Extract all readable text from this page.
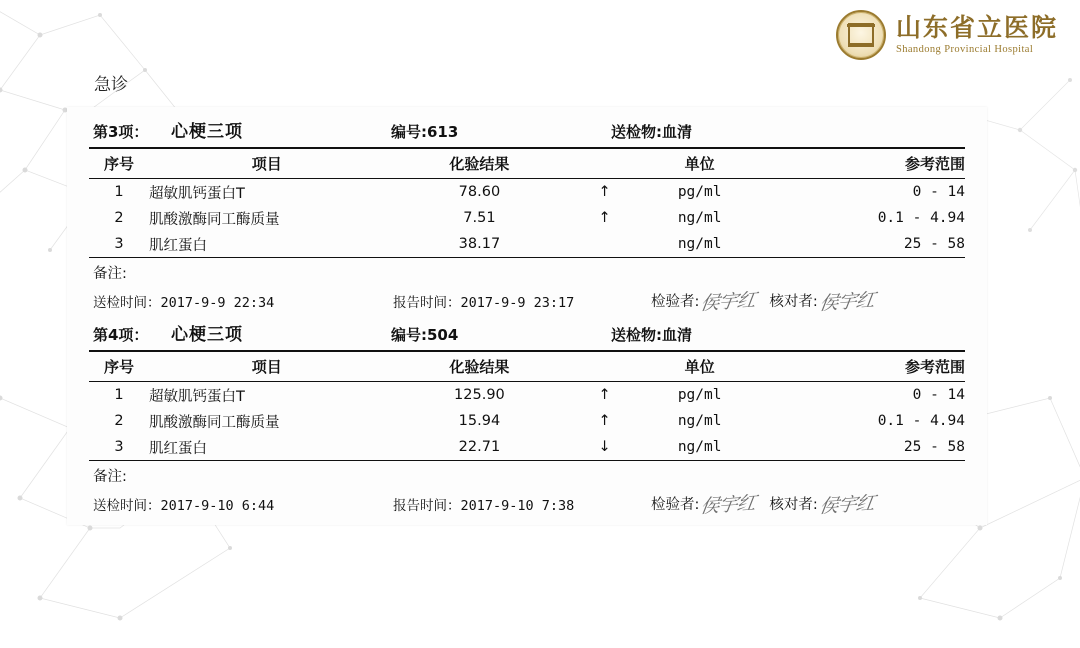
山东省立医院
Shandong Provincial Hospital
急诊
第3项：	心梗三项	编号:613	送检物:血清
序号	项目	化验结果		单位	参考范围
1	超敏肌钙蛋白T	78.60	↑	pg/ml	0 - 14
2	肌酸激酶同工酶质量	7.51	↑	ng/ml	0.1 - 4.94
3	肌红蛋白	38.17		ng/ml	25 - 58
备注:
送检时间：2017-9-9 22:34	报告时间：2017-9-9 23:17	检验者: 侯宇红 核对者: 侯宇红
第4项：	心梗三项	编号:504	送检物:血清
序号	项目	化验结果		单位	参考范围
1	超敏肌钙蛋白T	125.90	↑	pg/ml	0 - 14
2	肌酸激酶同工酶质量	15.94	↑	ng/ml	0.1 - 4.94
3	肌红蛋白	22.71	↓	ng/ml	25 - 58
备注:
送检时间：2017-9-10 6:44	报告时间：2017-9-10 7:38	检验者: 侯宇红 核对者: 侯宇红
